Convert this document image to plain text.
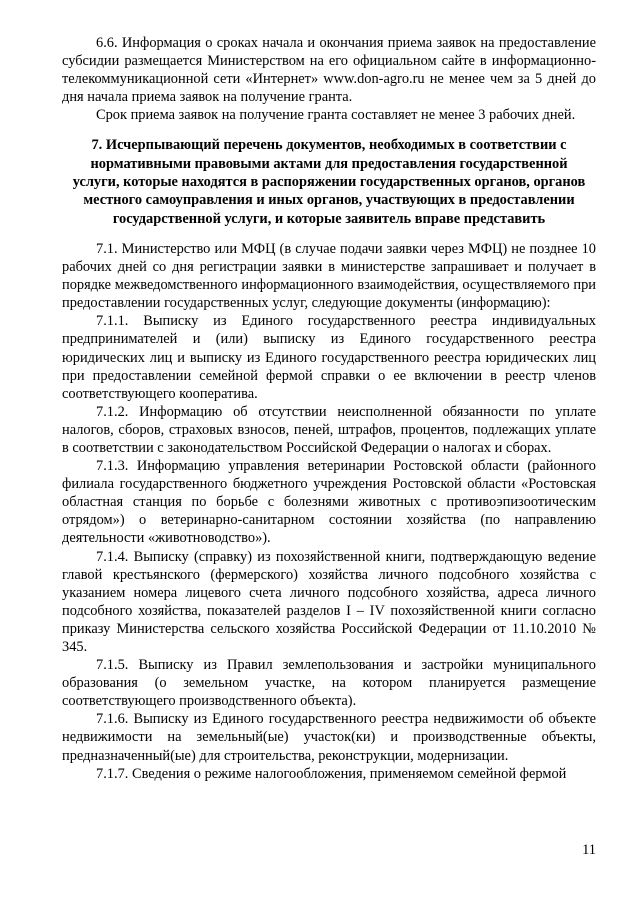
6.6. Информация о сроках начала и окончания приема заявок на предоставление субсидии размещается Министерством на его официальном сайте в информационно-телекоммуникационной сети «Интернет» www.don-agro.ru не менее чем за 5 дней до дня начала приема заявок на получение гранта.

Срок приема заявок на получение гранта составляет не менее 3 рабочих дней.

7. Исчерпывающий перечень документов, необходимых в соответствии с нормативными правовыми актами для предоставления государственной услуги, которые находятся в распоряжении государственных органов, органов местного самоуправления и иных органов, участвующих в предоставлении государственной услуги, и которые заявитель вправе представить

7.1. Министерство или МФЦ (в случае подачи заявки через МФЦ) не позднее 10 рабочих дней со дня регистрации заявки в министерстве запрашивает и получает в порядке межведомственного информационного взаимодействия, осуществляемого при предоставлении государственных услуг, следующие документы (информацию):

7.1.1. Выписку из Единого государственного реестра индивидуальных предпринимателей и (или) выписку из Единого государственного реестра юридических лиц и выписку из Единого государственного реестра юридических лиц при предоставлении семейной фермой справки о ее включении в реестр членов соответствующего кооператива.

7.1.2. Информацию об отсутствии неисполненной обязанности по уплате налогов, сборов, страховых взносов, пеней, штрафов, процентов, подлежащих уплате в соответствии с законодательством Российской Федерации о налогах и сборах.

7.1.3. Информацию управления ветеринарии Ростовской области (районного филиала государственного бюджетного учреждения Ростовской области «Ростовская областная станция по борьбе с болезнями животных с противоэпизоотическим отрядом») о ветеринарно-санитарном состоянии хозяйства (по направлению деятельности «животноводство»).

7.1.4. Выписку (справку) из похозяйственной книги, подтверждающую ведение главой крестьянского (фермерского) хозяйства личного подсобного хозяйства с указанием номера лицевого счета личного подсобного хозяйства, адреса личного подсобного хозяйства, показателей разделов I – IV похозяйственной книги согласно приказу Министерства сельского хозяйства Российской Федерации от 11.10.2010 № 345.

7.1.5. Выписку из Правил землепользования и застройки муниципального образования (о земельном участке, на котором планируется размещение соответствующего производственного объекта).

7.1.6. Выписку из Единого государственного реестра недвижимости об объекте недвижимости на земельный(ые) участок(ки) и производственные объекты, предназначенный(ые) для строительства, реконструкции, модернизации.

7.1.7. Сведения о режиме налогообложения, применяемом семейной фермой

11
